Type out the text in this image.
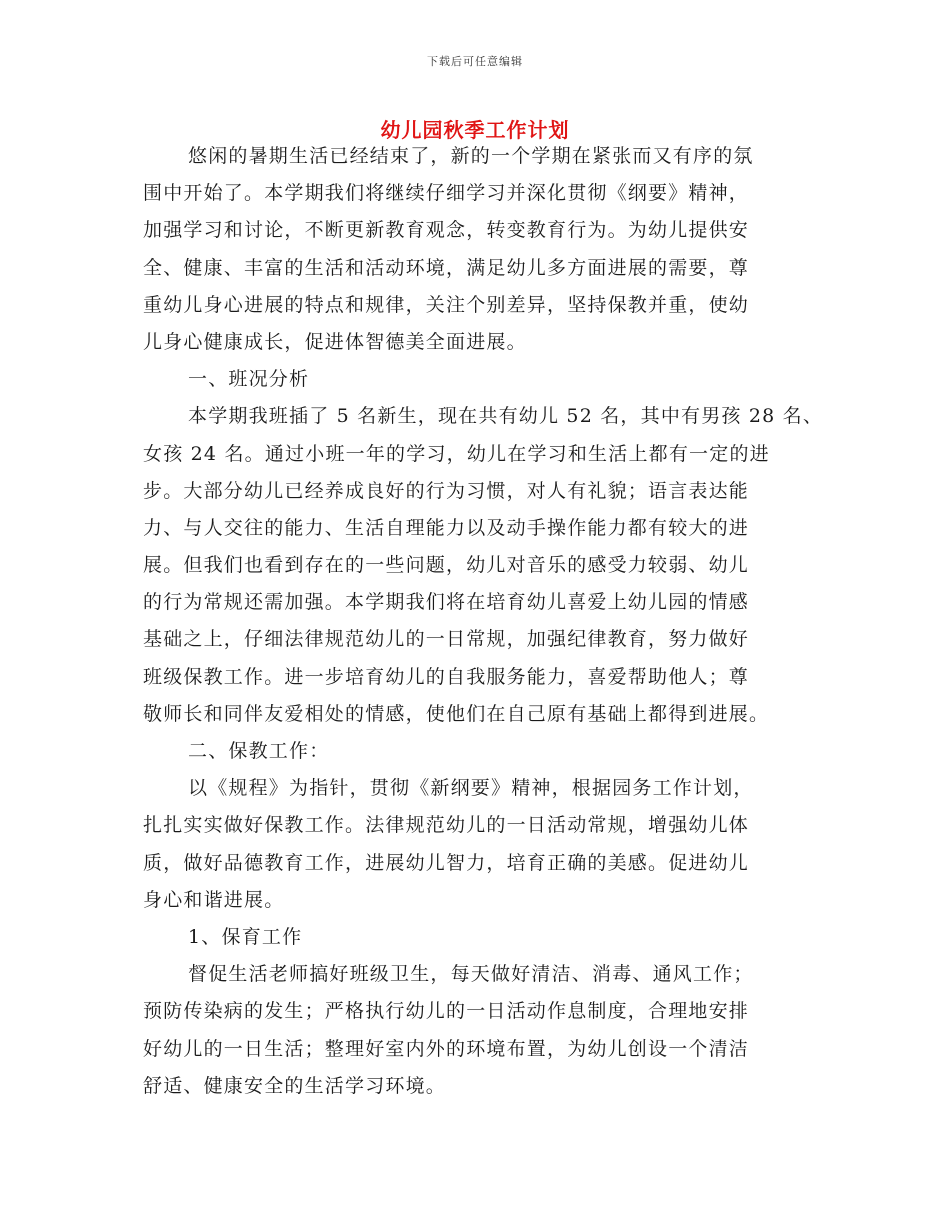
下载后可任意编辑
幼儿园秋季工作计划
悠闲的暑期生活已经结束了，新的一个学期在紧张而又有序的氛
围中开始了。本学期我们将继续仔细学习并深化贯彻《纲要》精神，
加强学习和讨论，不断更新教育观念，转变教育行为。为幼儿提供安
全、健康、丰富的生活和活动环境，满足幼儿多方面进展的需要，尊
重幼儿身心进展的特点和规律，关注个别差异，坚持保教并重，使幼
儿身心健康成长，促进体智德美全面进展。
一、班况分析
本学期我班插了 5 名新生，现在共有幼儿 52 名，其中有男孩 28 名、
女孩 24 名。通过小班一年的学习，幼儿在学习和生活上都有一定的进
步。大部分幼儿已经养成良好的行为习惯，对人有礼貌；语言表达能
力、与人交往的能力、生活自理能力以及动手操作能力都有较大的进
展。但我们也看到存在的一些问题，幼儿对音乐的感受力较弱、幼儿
的行为常规还需加强。本学期我们将在培育幼儿喜爱上幼儿园的情感
基础之上，仔细法律规范幼儿的一日常规，加强纪律教育，努力做好
班级保教工作。进一步培育幼儿的自我服务能力，喜爱帮助他人；尊
敬师长和同伴友爱相处的情感，使他们在自己原有基础上都得到进展。
二、保教工作：
以《规程》为指针，贯彻《新纲要》精神，根据园务工作计划，
扎扎实实做好保教工作。法律规范幼儿的一日活动常规，增强幼儿体
质，做好品德教育工作，进展幼儿智力，培育正确的美感。促进幼儿
身心和谐进展。
1、保育工作
督促生活老师搞好班级卫生，每天做好清洁、消毒、通风工作；
预防传染病的发生；严格执行幼儿的一日活动作息制度，合理地安排
好幼儿的一日生活；整理好室内外的环境布置，为幼儿创设一个清洁
舒适、健康安全的生活学习环境。
